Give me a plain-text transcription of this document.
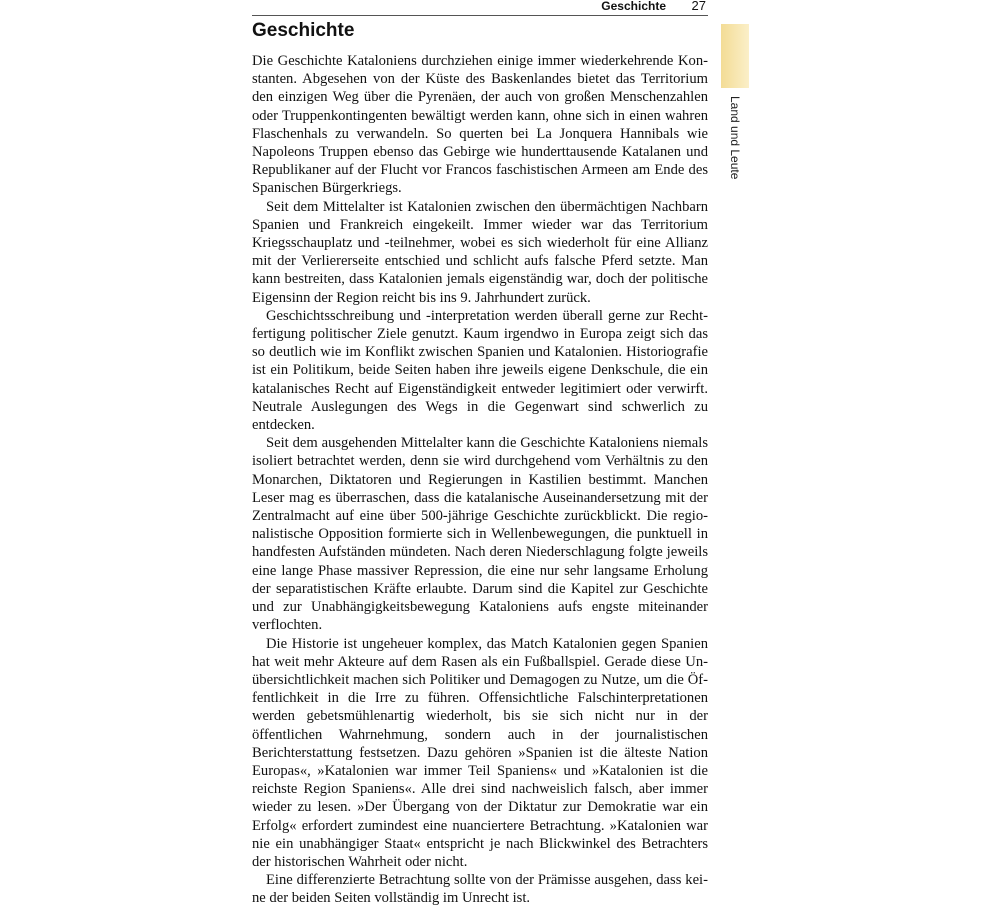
Geschichte 27
Land und Leute
Geschichte

Die Geschichte Kataloniens durchziehen einige immer wiederkehrende Konstanten. Abgesehen von der Küste des Baskenlandes bietet das Territorium den einzigen Weg über die Pyrenäen, der auch von großen Menschenzahlen oder Truppenkontingenten bewältigt werden kann, ohne sich in einen wahren Flaschenhals zu verwandeln. So querten bei La Jonquera Hannibals wie Napoleons Truppen ebenso das Gebirge wie hunderttausende Katalanen und Republikaner auf der Flucht vor Francos faschistischen Armeen am Ende des Spanischen Bürgerkriegs.

Seit dem Mittelalter ist Katalonien zwischen den übermächtigen Nachbarn Spanien und Frankreich eingekeilt. Immer wieder war das Territorium Kriegsschauplatz und -teilnehmer, wobei es sich wiederholt für eine Allianz mit der Verliererseite entschied und schlicht aufs falsche Pferd setzte. Man kann bestreiten, dass Katalonien jemals eigenständig war, doch der politische Eigensinn der Region reicht bis ins 9. Jahrhundert zurück.

Geschichtsschreibung und -interpretation werden überall gerne zur Rechtfertigung politischer Ziele genutzt. Kaum irgendwo in Europa zeigt sich das so deutlich wie im Konflikt zwischen Spanien und Katalonien. Historiografie ist ein Politikum, beide Seiten haben ihre jeweils eigene Denkschule, die ein katalanisches Recht auf Eigenständigkeit entweder legitimiert oder verwirft. Neutrale Auslegungen des Wegs in die Gegenwart sind schwerlich zu entdecken.

Seit dem ausgehenden Mittelalter kann die Geschichte Kataloniens niemals isoliert betrachtet werden, denn sie wird durchgehend vom Verhältnis zu den Monarchen, Diktatoren und Regierungen in Kastilien bestimmt. Manchen Leser mag es überraschen, dass die katalanische Auseinandersetzung mit der Zentralmacht auf eine über 500-jährige Geschichte zurückblickt. Die regionalistische Opposition formierte sich in Wellenbewegungen, die punktuell in handfesten Aufständen mündeten. Nach deren Niederschlagung folgte jeweils eine lange Phase massiver Repression, die eine nur sehr langsame Erholung der separatistischen Kräfte erlaubte. Darum sind die Kapitel zur Geschichte und zur Unabhängigkeitsbewegung Kataloniens aufs engste miteinander verflochten.

Die Historie ist ungeheuer komplex, das Match Katalonien gegen Spanien hat weit mehr Akteure auf dem Rasen als ein Fußballspiel. Gerade diese Unübersichtlichkeit machen sich Politiker und Demagogen zu Nutze, um die Öffentlichkeit in die Irre zu führen. Offensichtliche Falschinterpretationen werden gebetsmühlenartig wiederholt, bis sie sich nicht nur in der öffentlichen Wahrnehmung, sondern auch in der journalistischen Berichterstattung festsetzen. Dazu gehören »Spanien ist die älteste Nation Europas«, »Katalonien war immer Teil Spaniens« und »Katalonien ist die reichste Region Spaniens«. Alle drei sind nachweislich falsch, aber immer wieder zu lesen. »Der Übergang von der Diktatur zur Demokratie war ein Erfolg« erfordert zumindest eine nuanciertere Betrachtung. »Katalonien war nie ein unabhängiger Staat« entspricht je nach Blickwinkel des Betrachters der historischen Wahrheit oder nicht.

Eine differenzierte Betrachtung sollte von der Prämisse ausgehen, dass keine der beiden Seiten vollständig im Unrecht ist.
